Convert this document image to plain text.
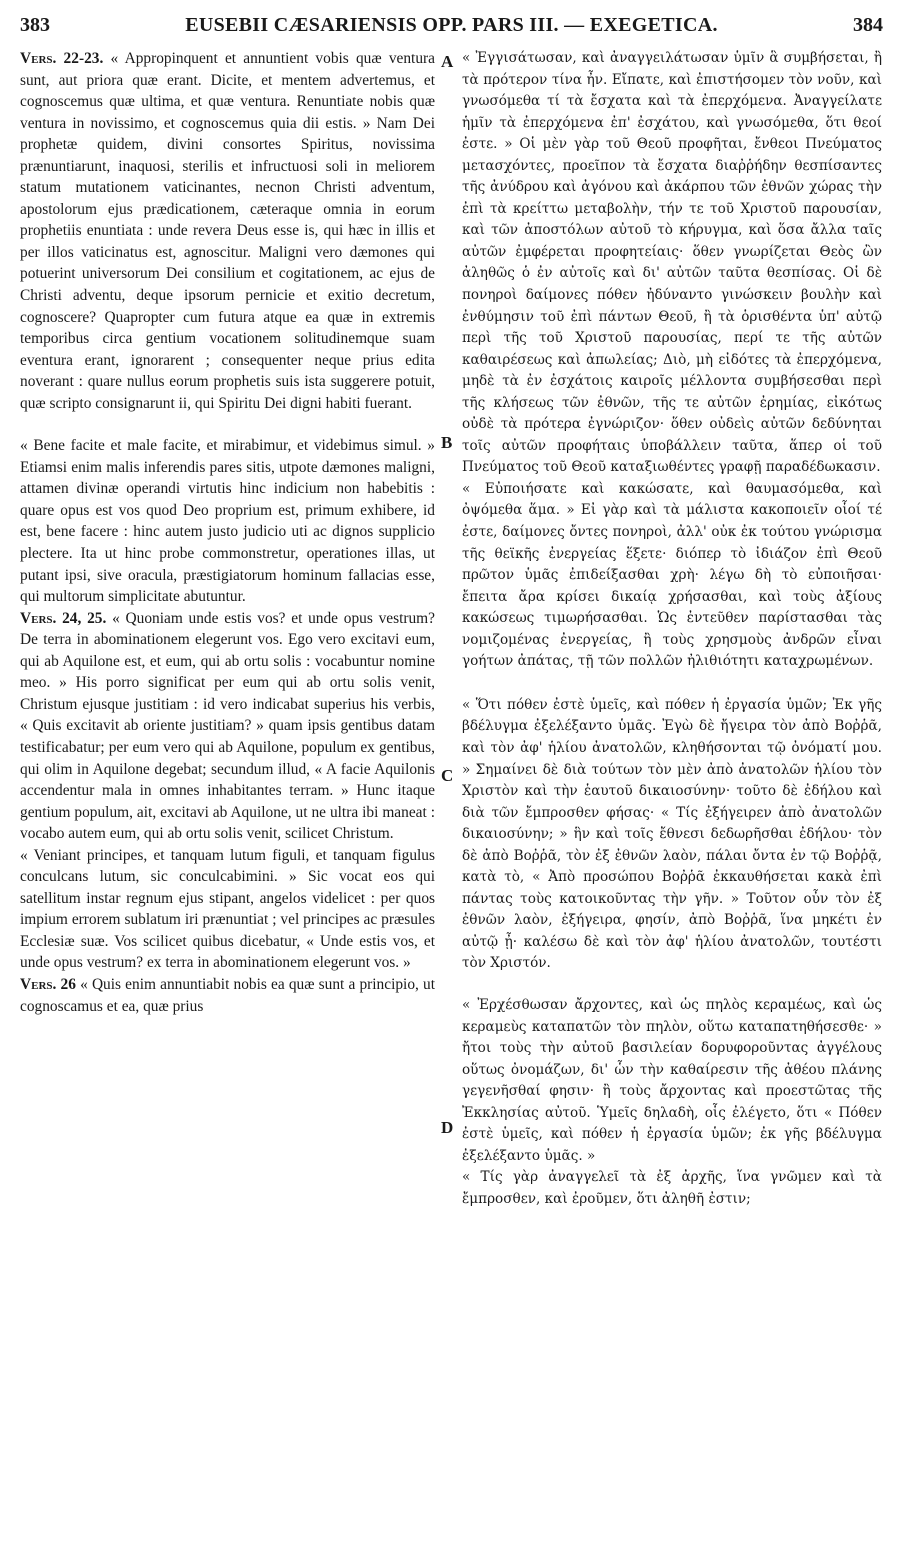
383	EUSEBII CÆSARIENSIS OPP. PARS III. — EXEGETICA.	384

Vers. 22-23. « Appropinquent et annuntient vobis quæ ventura sunt, aut priora quæ erant. Dicite, et mentem advertemus, et cognoscemus quæ ultima, et quæ ventura. Renuntiate nobis quæ ventura in novissimo, et cognoscemus quia dii estis. » Nam Dei prophetæ quidem, divini consortes Spiritus, novissima prænuntiarunt, inaquosi, sterilis et infructuosi soli in meliorem statum mutationem vaticinantes, necnon Christi adventum, apostolorum ejus prædicationem, cæteraque omnia in eorum prophetiis enuntiata : unde revera Deus esse is, qui hæc in illis et per illos vaticinatus est, agnoscitur. Maligni vero dæmones qui potuerint universorum Dei consilium et cogitationem, ac ejus de Christi adventu, deque ipsorum pernicie et exitio decretum, cognoscere? Quapropter cum futura atque ea quæ in extremis temporibus circa gentium vocationem solitudinemque suam eventura erant, ignorarent ; consequenter neque prius edita noverant : quare nullus eorum prophetis suis ista suggerere potuit, quæ scripto consignarunt ii, qui Spiritu Dei digni habiti fuerant.

« Bene facite et male facite, et mirabimur, et videbimus simul. » Etiamsi enim malis inferendis pares sitis, utpote dæmones maligni, attamen divinæ operandi virtutis hinc indicium non habebitis : quare opus est vos quod Deo proprium est, primum exhibere, id est, bene facere : hinc autem justo judicio uti ac dignos supplicio plectere. Ita ut hinc probe commonstretur, operationes illas, ut putant ipsi, sive oracula, præstigiatorum hominum fallacias esse, qui multorum simplicitate abutuntur.

Vers. 24, 25. « Quoniam unde estis vos? et unde opus vestrum? De terra in abominationem elegerunt vos. Ego vero excitavi eum, qui ab Aquilone est, et eum, qui ab ortu solis : vocabuntur nomine meo. » His porro significat per eum qui ab ortu solis venit, Christum ejusque justitiam : id vero indicabat superius his verbis, « Quis excitavit ab oriente justitiam? » quam ipsis gentibus datam testificabatur; per eum vero qui ab Aquilone, populum ex gentibus, qui olim in Aquilone degebat; secundum illud, « A facie Aquilonis accendentur mala in omnes inhabitantes terram. » Hunc itaque gentium populum, ait, excitavi ab Aquilone, ut ne ultra ibi maneat : vocabo autem eum, qui ab ortu solis venit, scilicet Christum.

« Veniant principes, et tanquam lutum figuli, et tanquam figulus conculcans lutum, sic conculcabimini. » Sic vocat eos qui satellitum instar regnum ejus stipant, angelos videlicet : per quos impium errorem sublatum iri prænuntiat ; vel principes ac præsules Ecclesiæ suæ. Vos scilicet quibus dicebatur, « Unde estis vos, et unde opus vestrum? ex terra in abominationem elegerunt vos. »

Vers. 26 « Quis enim annuntiabit nobis ea quæ sunt a principio, ut cognoscamus et ea, quæ prius

A
B
C
D

« Ἐγγισάτωσαν, καὶ ἀναγγειλάτωσαν ὑμῖν ἃ συμβήσεται, ἢ τὰ πρότερον τίνα ἦν. Εἴπατε, καὶ ἐπιστήσομεν τὸν νοῦν, καὶ γνωσόμεθα τί τὰ ἔσχατα καὶ τὰ ἐπερχόμενα. Ἀναγγείλατε ἡμῖν τὰ ἐπερχόμενα ἐπ' ἐσχάτου, καὶ γνωσόμεθα, ὅτι θεοί ἐστε. » Οἱ μὲν γὰρ τοῦ Θεοῦ προφῆται, ἔνθεοι Πνεύματος μετασχόντες, προεῖπον τὰ ἔσχατα διαῤῥήδην θεσπίσαντες τῆς ἀνύδρου καὶ ἀγόνου καὶ ἀκάρπου τῶν ἐθνῶν χώρας τὴν ἐπὶ τὰ κρείττω μεταβολὴν, τήν τε τοῦ Χριστοῦ παρουσίαν, καὶ τῶν ἀποστόλων αὐτοῦ τὸ κήρυγμα, καὶ ὅσα ἄλλα ταῖς αὐτῶν ἐμφέρεται προφητείαις· ὅθεν γνωρίζεται Θεὸς ὢν ἀληθῶς ὁ ἐν αὐτοῖς καὶ δι' αὐτῶν ταῦτα θεσπίσας. Οἱ δὲ πονηροὶ δαίμονες πόθεν ἠδύναντο γινώσκειν βουλὴν καὶ ἐνθύμησιν τοῦ ἐπὶ πάντων Θεοῦ, ἢ τὰ ὁρισθέντα ὑπ' αὐτῷ περὶ τῆς τοῦ Χριστοῦ παρουσίας, περί τε τῆς αὐτῶν καθαιρέσεως καὶ ἀπωλείας; Διὸ, μὴ εἰδότες τὰ ἐπερχόμενα, μηδὲ τὰ ἐν ἐσχάτοις καιροῖς μέλλοντα συμβήσεσθαι περὶ τῆς κλήσεως τῶν ἐθνῶν, τῆς τε αὐτῶν ἐρημίας, εἰκότως οὐδὲ τὰ πρότερα ἐγνώριζον· ὅθεν οὐδεὶς αὐτῶν δεδύνηται τοῖς αὐτῶν προφήταις ὑποβάλλειν ταῦτα, ἅπερ οἱ τοῦ Πνεύματος τοῦ Θεοῦ καταξιωθέντες γραφῇ παραδέδωκασιν.

« Εὐποιήσατε καὶ κακώσατε, καὶ θαυμασόμεθα, καὶ ὀψόμεθα ἅμα. » Εἰ γὰρ καὶ τὰ μάλιστα κακοποιεῖν οἷοί τέ ἐστε, δαίμονες ὄντες πονηροὶ, ἀλλ' οὐκ ἐκ τούτου γνώρισμα τῆς θεϊκῆς ἐνεργείας ἕξετε· διόπερ τὸ ἰδιάζον ἐπὶ Θεοῦ πρῶτον ὑμᾶς ἐπιδείξασθαι χρὴ· λέγω δὴ τὸ εὐποιῆσαι· ἔπειτα ἄρα κρίσει δικαίᾳ χρήσασθαι, καὶ τοὺς ἀξίους κακώσεως τιμωρήσασθαι. Ὡς ἐντεῦθεν παρίστασθαι τὰς νομιζομένας ἐνεργείας, ἢ τοὺς χρησμοὺς ἀνδρῶν εἶναι γοήτων ἀπάτας, τῇ τῶν πολλῶν ἠλιθιότητι καταχρωμένων.

« Ὅτι πόθεν ἐστὲ ὑμεῖς, καὶ πόθεν ἡ ἐργασία ὑμῶν; Ἐκ γῆς βδέλυγμα ἐξελέξαντο ὑμᾶς. Ἐγὼ δὲ ἤγειρα τὸν ἀπὸ Βοῤῥᾶ, καὶ τὸν ἀφ' ἡλίου ἀνατολῶν, κληθήσονται τῷ ὀνόματί μου. » Σημαίνει δὲ διὰ τούτων τὸν μὲν ἀπὸ ἀνατολῶν ἡλίου τὸν Χριστὸν καὶ τὴν ἑαυτοῦ δικαιοσύνην· τοῦτο δὲ ἐδήλου καὶ διὰ τῶν ἔμπροσθεν φήσας· « Τίς ἐξήγειρεν ἀπὸ ἀνατολῶν δικαιοσύνην; » ἣν καὶ τοῖς ἔθνεσι δεδωρῆσθαι ἐδήλου· τὸν δὲ ἀπὸ Βοῤῥᾶ, τὸν ἐξ ἐθνῶν λαὸν, πάλαι ὄντα ἐν τῷ Βοῤῥᾷ, κατὰ τὸ, « Ἀπὸ προσώπου Βοῤῥᾶ ἐκκαυθήσεται κακὰ ἐπὶ πάντας τοὺς κατοικοῦντας τὴν γῆν. » Τοῦτον οὖν τὸν ἐξ ἐθνῶν λαὸν, ἐξήγειρα, φησίν, ἀπὸ Βοῤῥᾶ, ἵνα μηκέτι ἐν αὐτῷ ᾖ· καλέσω δὲ καὶ τὸν ἀφ' ἡλίου ἀνατολῶν, τουτέστι τὸν Χριστόν.

« Ἐρχέσθωσαν ἄρχοντες, καὶ ὡς πηλὸς κεραμέως, καὶ ὡς κεραμεὺς καταπατῶν τὸν πηλὸν, οὕτω καταπατηθήσεσθε· » ἤτοι τοὺς τὴν αὐτοῦ βασιλείαν δορυφοροῦντας ἀγγέλους οὕτως ὀνομάζων, δι' ὧν τὴν καθαίρεσιν τῆς ἀθέου πλάνης γεγενῆσθαί φησιν· ἢ τοὺς ἄρχοντας καὶ προεστῶτας τῆς Ἐκκλησίας αὐτοῦ. Ὑμεῖς δηλαδὴ, οἷς ἐλέγετο, ὅτι « Πόθεν ἐστὲ ὑμεῖς, καὶ πόθεν ἡ ἐργασία ὑμῶν; ἐκ γῆς βδέλυγμα ἐξελέξαντο ὑμᾶς. »

« Τίς γὰρ ἀναγγελεῖ τὰ ἐξ ἀρχῆς, ἵνα γνῶμεν καὶ τὰ ἔμπροσθεν, καὶ ἐροῦμεν, ὅτι ἀληθῆ ἐστιν;
